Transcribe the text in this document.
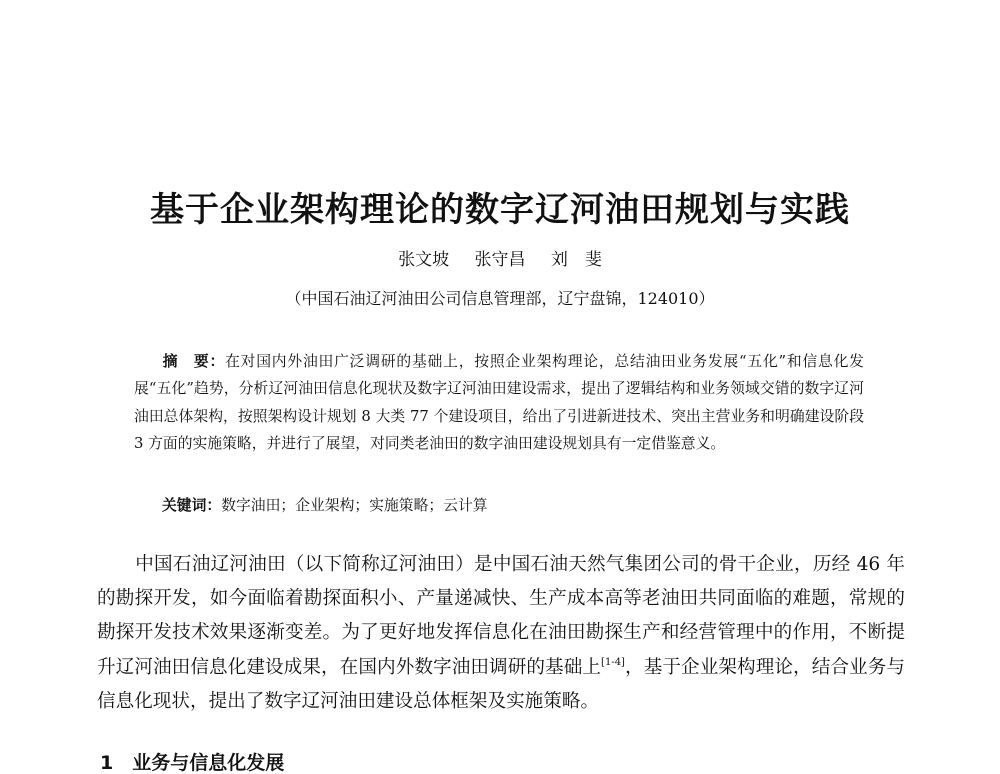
基于企业架构理论的数字辽河油田规划与实践
张文坡 张守昌 刘　斐
（中国石油辽河油田公司信息管理部，辽宁盘锦，124010）
摘　要：在对国内外油田广泛调研的基础上，按照企业架构理论，总结油田业务发展“五化”和信息化发展“五化”趋势，分析辽河油田信息化现状及数字辽河油田建设需求，提出了逻辑结构和业务领域交错的数字辽河油田总体架构，按照架构设计规划 8 大类 77 个建设项目，给出了引进新进技术、突出主营业务和明确建设阶段 3 方面的实施策略，并进行了展望，对同类老油田的数字油田建设规划具有一定借鉴意义。
关键词：数字油田；企业架构；实施策略；云计算
中国石油辽河油田（以下简称辽河油田）是中国石油天然气集团公司的骨干企业，历经 46 年的勘探开发，如今面临着勘探面积小、产量递减快、生产成本高等老油田共同面临的难题，常规的勘探开发技术效果逐渐变差。为了更好地发挥信息化在油田勘探生产和经营管理中的作用，不断提升辽河油田信息化建设成果，在国内外数字油田调研的基础上[1-4]，基于企业架构理论，结合业务与信息化现状，提出了数字辽河油田建设总体框架及实施策略。
1　业务与信息化发展
